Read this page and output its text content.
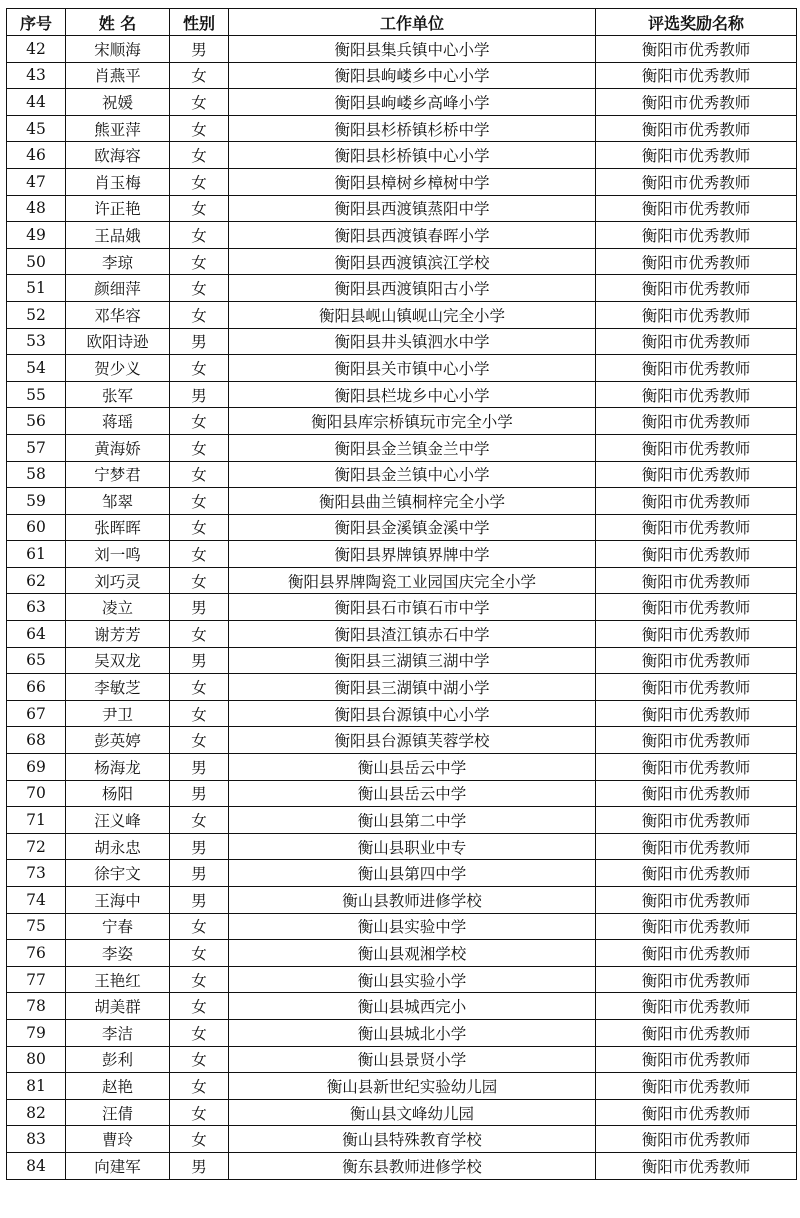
序号	姓 名	性别	工作单位	评选奖励名称
42	宋顺海	男	衡阳县集兵镇中心小学	衡阳市优秀教师
43	肖燕平	女	衡阳县岣嵝乡中心小学	衡阳市优秀教师
44	祝媛	女	衡阳县岣嵝乡高峰小学	衡阳市优秀教师
45	熊亚萍	女	衡阳县杉桥镇杉桥中学	衡阳市优秀教师
46	欧海容	女	衡阳县杉桥镇中心小学	衡阳市优秀教师
47	肖玉梅	女	衡阳县樟树乡樟树中学	衡阳市优秀教师
48	许正艳	女	衡阳县西渡镇蒸阳中学	衡阳市优秀教师
49	王品娥	女	衡阳县西渡镇春晖小学	衡阳市优秀教师
50	李琼	女	衡阳县西渡镇滨江学校	衡阳市优秀教师
51	颜细萍	女	衡阳县西渡镇阳古小学	衡阳市优秀教师
52	邓华容	女	衡阳县岘山镇岘山完全小学	衡阳市优秀教师
53	欧阳诗逊	男	衡阳县井头镇泗水中学	衡阳市优秀教师
54	贺少义	女	衡阳县关市镇中心小学	衡阳市优秀教师
55	张军	男	衡阳县栏垅乡中心小学	衡阳市优秀教师
56	蒋瑶	女	衡阳县库宗桥镇玩市完全小学	衡阳市优秀教师
57	黄海娇	女	衡阳县金兰镇金兰中学	衡阳市优秀教师
58	宁梦君	女	衡阳县金兰镇中心小学	衡阳市优秀教师
59	邹翠	女	衡阳县曲兰镇桐梓完全小学	衡阳市优秀教师
60	张晖晖	女	衡阳县金溪镇金溪中学	衡阳市优秀教师
61	刘一鸣	女	衡阳县界牌镇界牌中学	衡阳市优秀教师
62	刘巧灵	女	衡阳县界牌陶瓷工业园国庆完全小学	衡阳市优秀教师
63	凌立	男	衡阳县石市镇石市中学	衡阳市优秀教师
64	谢芳芳	女	衡阳县渣江镇赤石中学	衡阳市优秀教师
65	吴双龙	男	衡阳县三湖镇三湖中学	衡阳市优秀教师
66	李敏芝	女	衡阳县三湖镇中湖小学	衡阳市优秀教师
67	尹卫	女	衡阳县台源镇中心小学	衡阳市优秀教师
68	彭英婷	女	衡阳县台源镇芙蓉学校	衡阳市优秀教师
69	杨海龙	男	衡山县岳云中学	衡阳市优秀教师
70	杨阳	男	衡山县岳云中学	衡阳市优秀教师
71	汪义峰	女	衡山县第二中学	衡阳市优秀教师
72	胡永忠	男	衡山县职业中专	衡阳市优秀教师
73	徐宇文	男	衡山县第四中学	衡阳市优秀教师
74	王海中	男	衡山县教师进修学校	衡阳市优秀教师
75	宁春	女	衡山县实验中学	衡阳市优秀教师
76	李姿	女	衡山县观湘学校	衡阳市优秀教师
77	王艳红	女	衡山县实验小学	衡阳市优秀教师
78	胡美群	女	衡山县城西完小	衡阳市优秀教师
79	李洁	女	衡山县城北小学	衡阳市优秀教师
80	彭利	女	衡山县景贤小学	衡阳市优秀教师
81	赵艳	女	衡山县新世纪实验幼儿园	衡阳市优秀教师
82	汪倩	女	衡山县文峰幼儿园	衡阳市优秀教师
83	曹玲	女	衡山县特殊教育学校	衡阳市优秀教师
84	向建军	男	衡东县教师进修学校	衡阳市优秀教师
